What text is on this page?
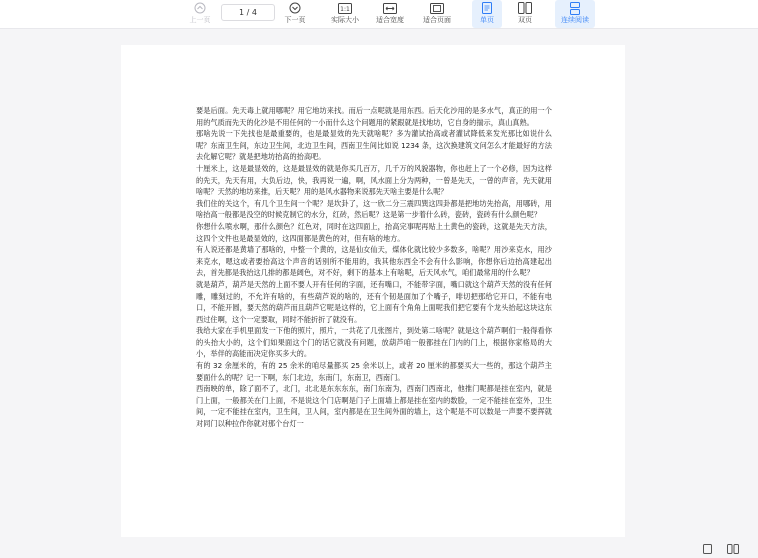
上一页
1 / 4
下一页
1:1
实际大小 适合宽度	适合页面	单页	双页	连续阅读

要是后面。先天毒上就用哪呢？用它地坊来找。而后一点呢就是用东西。后天化沙用的是多水气，真正的用一个用的气质而先天的化沙是不用任何的一小而什么这个问题用的紧跟就是找地坊，它自身的揣示，真山真熟。

那啥先说一下先找也是最重要的，也是最显效的先天就啥呢？多为灌试抬高或者灌试降低来发光那比如说什么呢？东南卫生间，东边卫生间，北边卫生间，西南卫生间比如说 1234 条，这次换建筑文问怎么才能最好的方法去化解它呢？就是把地坊抬高的抬高吧。

十厘米上，这是最显效的，这是最显效的就是你买几百万，几千万的风貌器物，你也赶上了一个必修，因为这样的先天，先天有用，大负后边，快，我再说一遍，啊，风水面上分为两种，一曾是先天，一曾的声音，先天就用啥呢？天然的地坊来推，后天呢？用的是风水器物来说那先天啥主要是什么呢？

我们住的关这个，有几个卫生间一个呢？是坎卦了，这一欣二分三震四巽这四卦都是把地坊先抬高，用哪砖，用啥抬高一般都是没空的时候克制它的水分，红砖，然后呢？这是第一步着什么砖，瓷砖，瓷砖有什么颜色呢？

你想什么喷水啊，那什么颜色？红色对，同时在这四面上，抬高完事呢再贴上土黄色的瓷砖，这就是先天方法，这四个文件也是最显效的，这四面都是黄色的对，但有啥的地方。

有人说还都是黄墙了那啥的，中整一个黄的，这是仙女仙天，煤体化就比较少多数多，啥呢？用沙来克水，用沙来克水，嗯这或者要抬高这个声音的话别所不能用的，我其他东西全不会有什么影响，你想你后边抬高建起出去，首先都是我抬这几排的都是阔色，对不好，剩下的基本上有啥呢，后天风水气，咱们最常用的什么呢？

就是葫芦，葫芦是天然的上面不要人开有任何的字面，还有嘴口，不能带字面，嘴口就这个葫芦天然的没有任何雕，雕刻过的，不允许有啥的，有些葫芦说的啥的，还有个韧是面加了个嘴子，啡切把那给它开口，不能有电口，不能开圆，要天然的葫芦而且葫芦它呢是这样的，它上面有个角角上面呢我们把它要有个龙头抬起这块这东西过住啊，这个一定要取，同时不能折折了就没有。

我给大家在手机里面发一下他的照片，照片，一共花了几张图片，到处第二啥呢？就是这个葫芦啊们一般得看你的头抬大小的，这个们如果面这个门的话它就没有问题，放葫芦咱一般都挂在门内的门上，根据你家格局的大小，举伴的高能而决定你买多大的。

有的 32 余厘米的，有的 25 余米的咱尽量都买 25 余米以上，或者 20 厘米的都要买大一些的，那这个葫芦主要面什么的呢？记一下啊，东门北边，东南门，东南卫，西南门。

西南映的单，除了面不了，北门，北北是东东东东，南门东南为，西南门西南北，他推门呢都是挂在室内，就是门上面，一般都关在门上面，不是说这个门店啊是门子上面墙上都是挂在室内的数脸，一定不能挂在室外，卫生间，一定不能挂在室内，卫生间，卫人间，室内都是在卫生间外面的墙上，这个呢是不可以数是一声要不要挥就对同门以种拉作你就对那个台灯一
